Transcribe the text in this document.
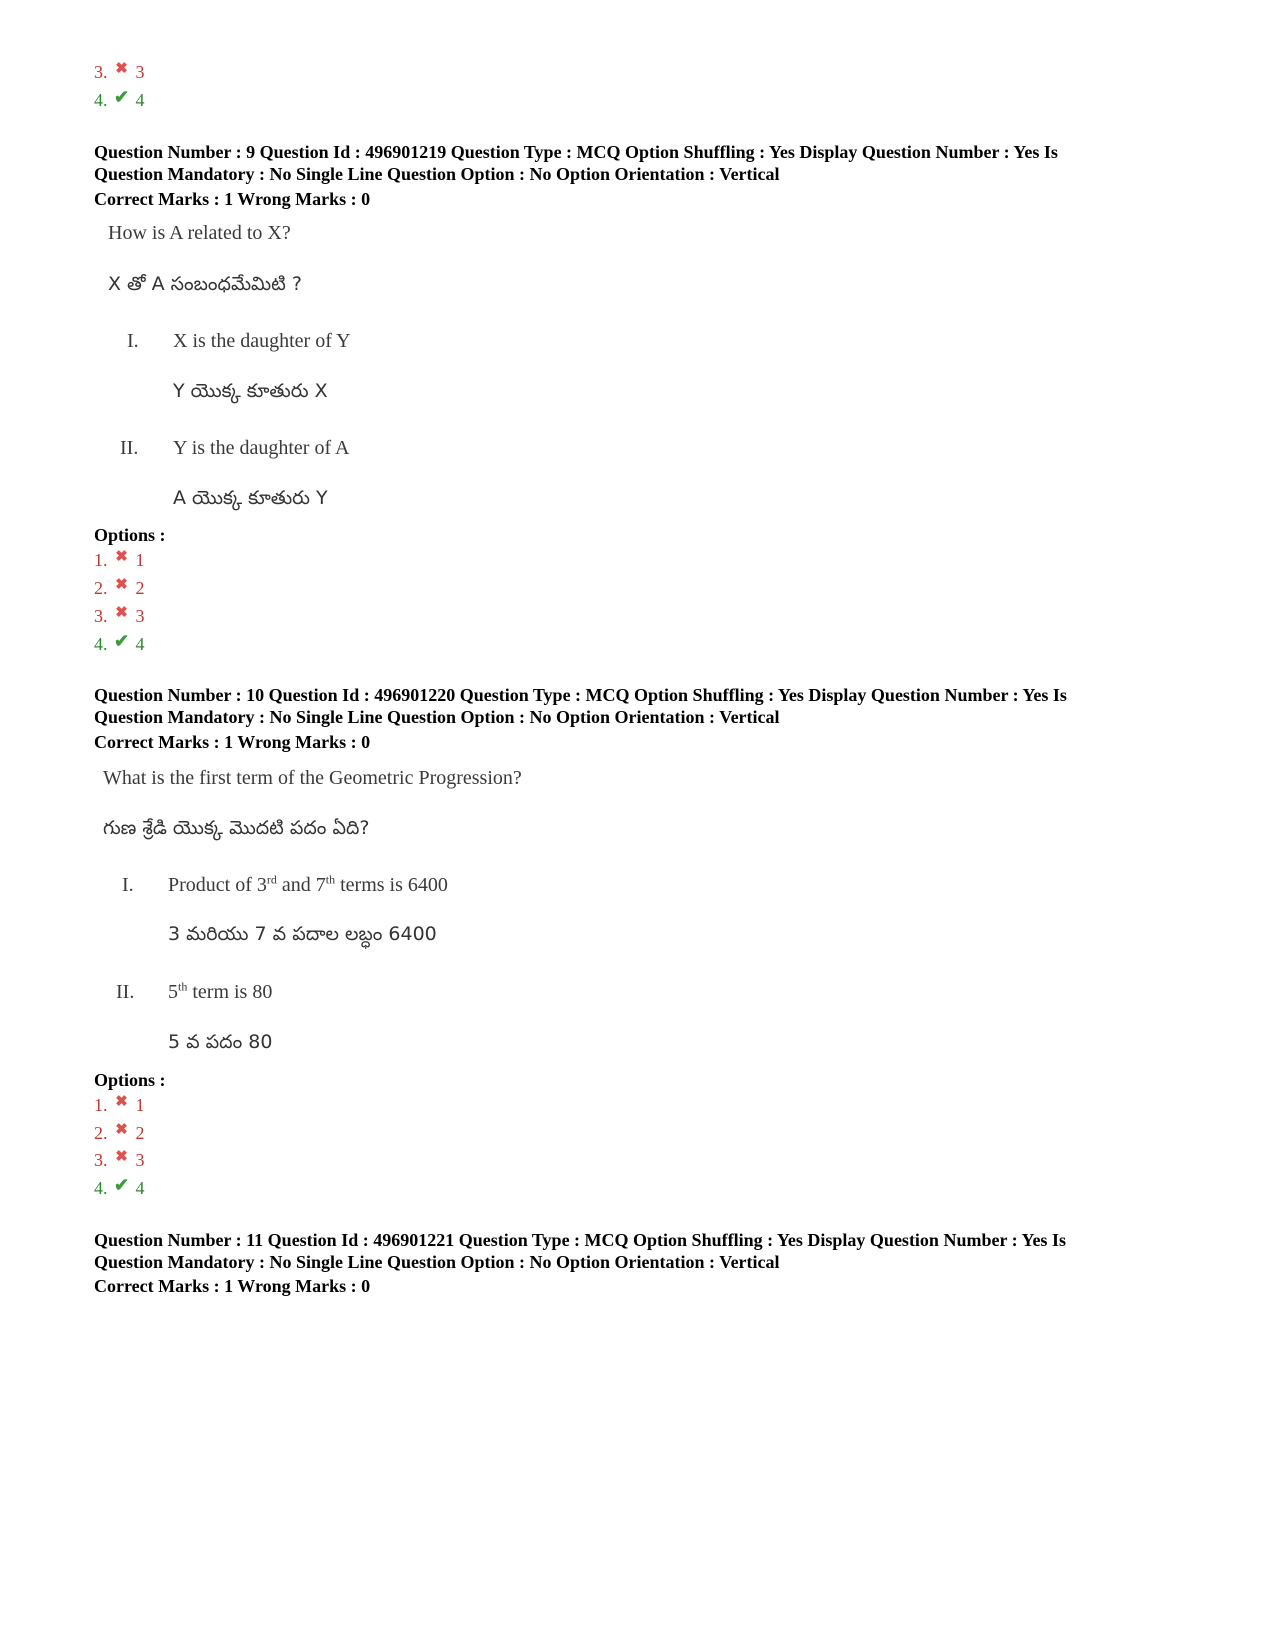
3. ✖ 3
4. ✔ 4
Question Number : 9 Question Id : 496901219 Question Type : MCQ Option Shuffling : Yes Display Question Number : Yes Is
Question Mandatory : No Single Line Question Option : No Option Orientation : Vertical
Correct Marks : 1 Wrong Marks : 0
How is A related to X?
X తో A సంబంధమేమిటి ?
I. X is the daughter of Y
Y యొక్క కూతురు X
II. Y is the daughter of A
A యొక్క కూతురు Y
Options :
1. ✖ 1
2. ✖ 2
3. ✖ 3
4. ✔ 4
Question Number : 10 Question Id : 496901220 Question Type : MCQ Option Shuffling : Yes Display Question Number : Yes Is
Question Mandatory : No Single Line Question Option : No Option Orientation : Vertical
Correct Marks : 1 Wrong Marks : 0
What is the first term of the Geometric Progression?
గుణ శ్రేడి యొక్క మొదటి పదం ఏది?
I. Product of 3rd and 7th terms is 6400
3 మరియు 7 వ పదాల లబ్ధం 6400
II. 5th term is 80
5 వ పదం 80
Options :
1. ✖ 1
2. ✖ 2
3. ✖ 3
4. ✔ 4
Question Number : 11 Question Id : 496901221 Question Type : MCQ Option Shuffling : Yes Display Question Number : Yes Is
Question Mandatory : No Single Line Question Option : No Option Orientation : Vertical
Correct Marks : 1 Wrong Marks : 0
